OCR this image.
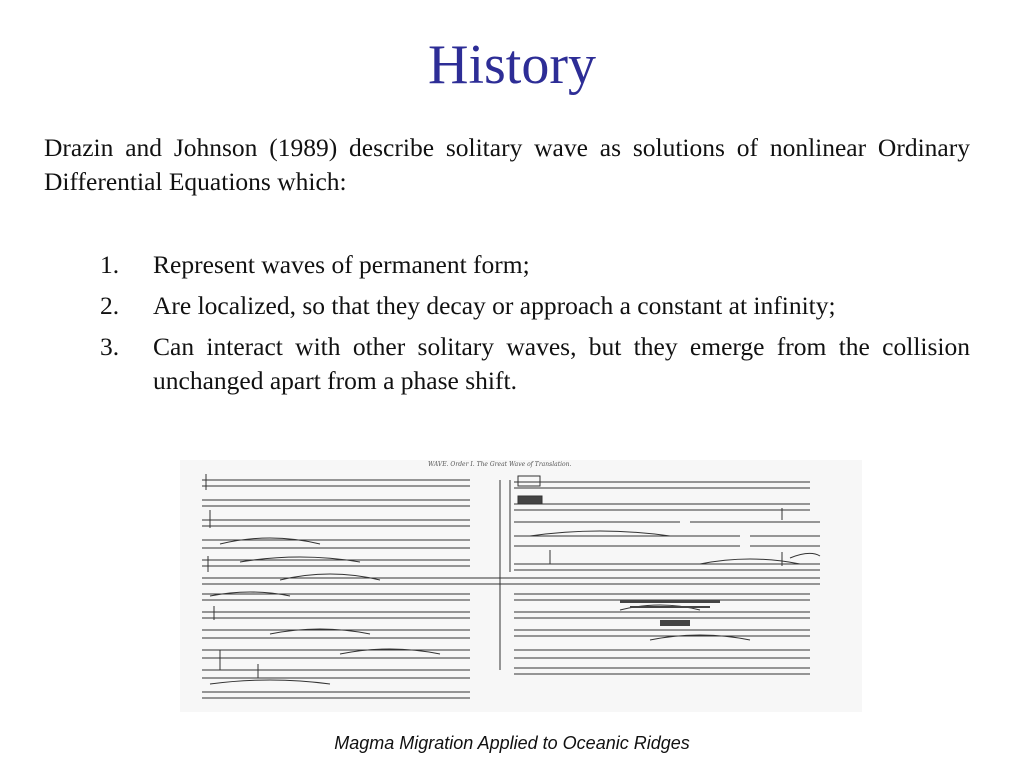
History
Drazin and Johnson (1989) describe solitary wave as solutions of nonlinear Ordinary Differential Equations which:
1.	Represent waves of permanent form;
2.	Are localized, so that they decay or approach a constant at infinity;
3.	Can interact with other solitary waves, but they emerge from the collision unchanged apart from a phase shift.
WAVE. Order I. The Great Wave of Translation.
Magma Migration Applied to Oceanic Ridges
